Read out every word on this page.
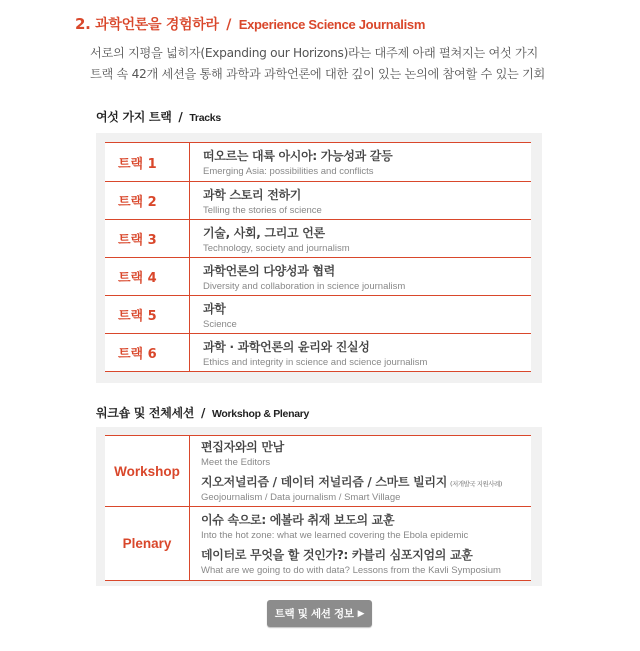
2. 과학언론을 경험하라 / Experience Science Journalism

서로의 지평을 넓히자(Expanding our Horizons)라는 대주제 아래 펼쳐지는 여섯 가지

트랙 속 42개 세션을 통해 과학과 과학언론에 대한 깊이 있는 논의에 참여할 수 있는 기회

여섯 가지 트랙 / Tracks
트랙 1
떠오르는 대륙 아시아: 가능성과 갈등
Emerging Asia: possibilities and conflicts
트랙 2
과학 스토리 전하기
Telling the stories of science
트랙 3
기술, 사회, 그리고 언론
Technology, society and journalism
트랙 4
과학언론의 다양성과 협력
Diversity and collaboration in science journalism
트랙 5
과학
Science
트랙 6
과학 · 과학언론의 윤리와 진실성
Ethics and integrity in science and science journalism
워크숍 및 전체세션 / Workshop & Plenary
Workshop
편집자와의 만남
Meet the Editors
지오저널리즘 / 데이터 저널리즘 / 스마트 빌리지 (저개발국 지원사례)
Geojournalism / Data journalism / Smart Village
Plenary
이슈 속으로: 에볼라 취재 보도의 교훈
Into the hot zone: what we learned covering the Ebola epidemic
데이터로 무엇을 할 것인가?: 카블리 심포지엄의 교훈
What are we going to do with data? Lessons from the Kavli Symposium
트랙 및 세션 정보 ▶
